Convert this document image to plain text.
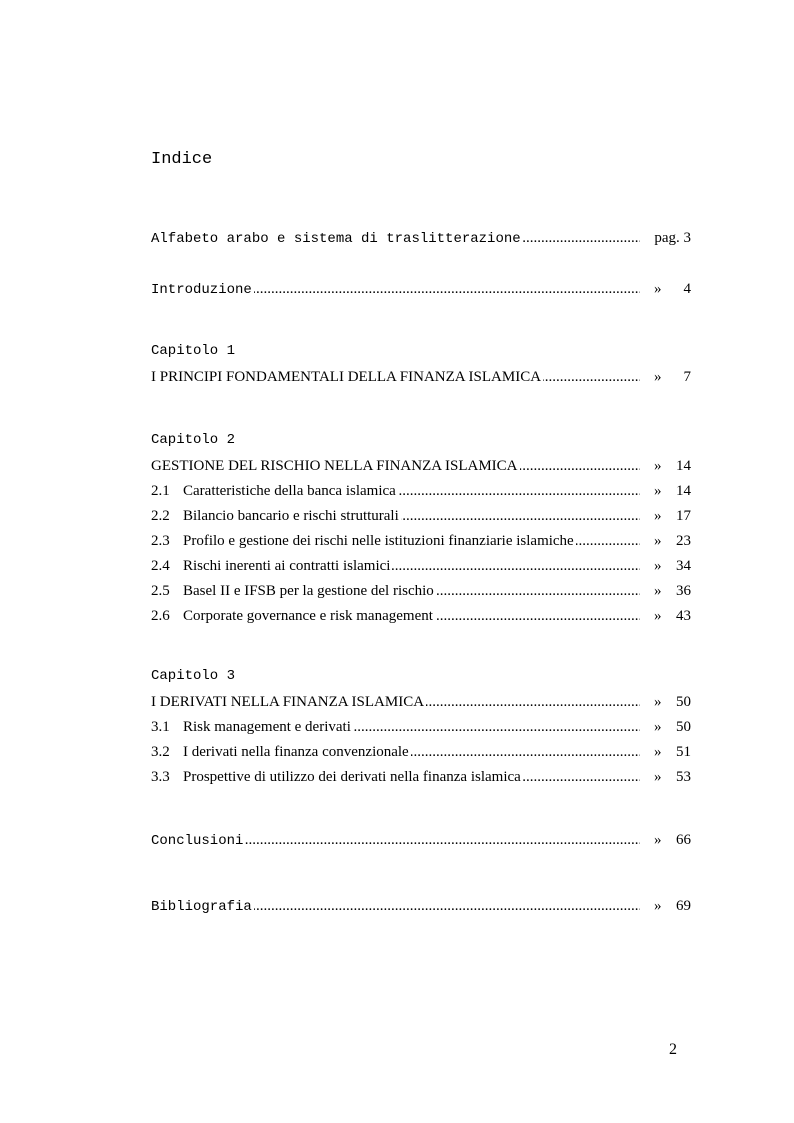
Indice
Alfabeto arabo e sistema di traslitterazione .....	pag. 3
Introduzione .....	» 4
Capitolo 1
I PRINCIPI FONDAMENTALI DELLA FINANZA ISLAMICA .....	» 7
Capitolo 2
GESTIONE DEL RISCHIO NELLA FINANZA ISLAMICA .....	» 14
2.1 Caratteristiche della banca islamica .....	» 14
2.2 Bilancio bancario e rischi strutturali .....	» 17
2.3 Profilo e gestione dei rischi nelle istituzioni finanziarie islamiche .....	» 23
2.4 Rischi inerenti ai contratti islamici .....	» 34
2.5 Basel II e IFSB per la gestione del rischio .....	» 36
2.6 Corporate governance e risk management .....	» 43
Capitolo 3
I DERIVATI NELLA FINANZA ISLAMICA .....	» 50
3.1 Risk management e derivati .....	» 50
3.2 I derivati nella finanza convenzionale .....	» 51
3.3 Prospettive di utilizzo dei derivati nella finanza islamica .....	» 53
Conclusioni .....	» 66
Bibliografia .....	» 69
2
